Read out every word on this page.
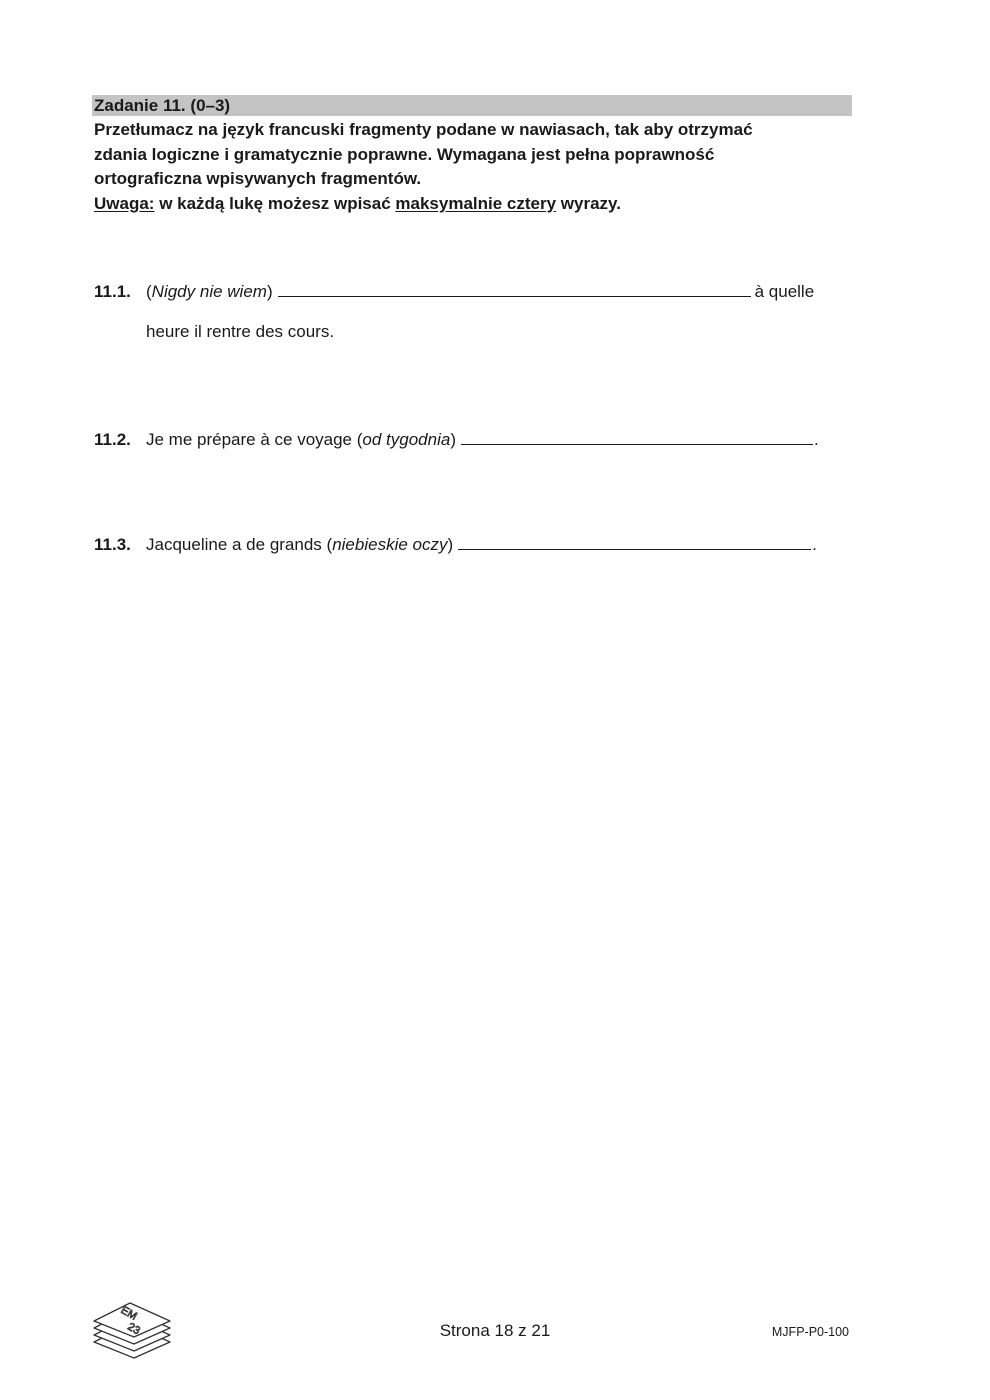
Zadanie 11. (0–3)
Przetłumacz na język francuski fragmenty podane w nawiasach, tak aby otrzymać
zdania logiczne i gramatycznie poprawne. Wymagana jest pełna poprawność
ortograficzna wpisywanych fragmentów.
Uwaga: w każdą lukę możesz wpisać maksymalnie cztery wyrazy.
11.1. (Nigdy nie wiem)	à quelle
heure il rentre des cours.
11.2. Je me prépare à ce voyage (od tygodnia)	.
11.3. Jacqueline a de grands (niebieskie oczy)	.
EM
23	Strona 18 z 21	MJFP-P0-100
